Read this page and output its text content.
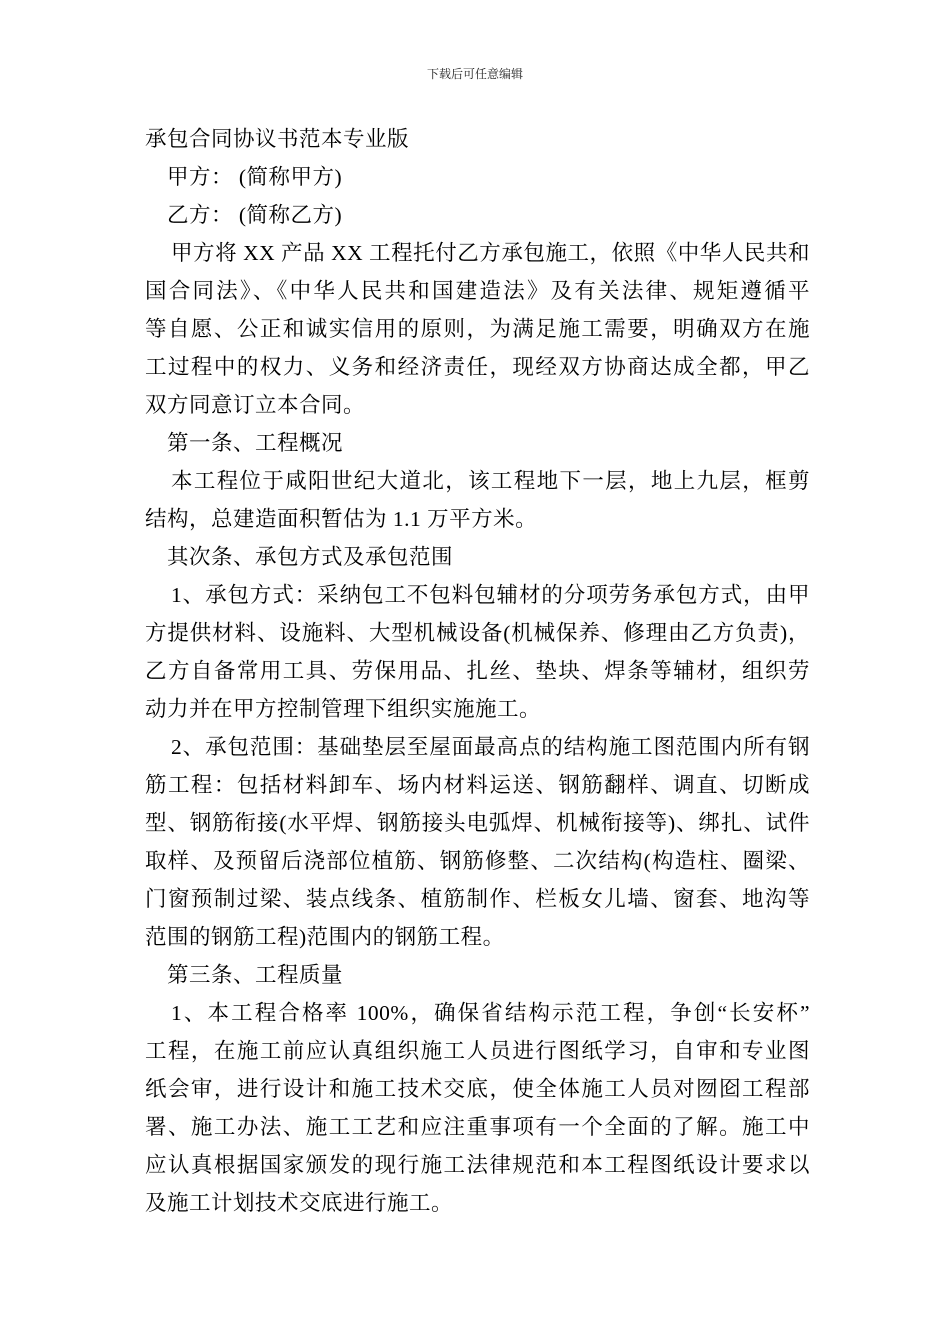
下载后可任意编辑
承包合同协议书范本专业版
甲方： (简称甲方)
乙方： (简称乙方)
甲方将 XX 产品 XX 工程托付乙方承包施工，依照《中华人民共和
国合同法》、《中华人民共和国建造法》及有关法律、规矩遵循平
等自愿、公正和诚实信用的原则，为满足施工需要，明确双方在施
工过程中的权力、义务和经济责任，现经双方协商达成全都，甲乙
双方同意订立本合同。
第一条、工程概况
本工程位于咸阳世纪大道北，该工程地下一层，地上九层，框剪
结构，总建造面积暂估为 1.1 万平方米。
其次条、承包方式及承包范围
1、承包方式：采纳包工不包料包辅材的分项劳务承包方式，由甲
方提供材料、设施料、大型机械设备(机械保养、修理由乙方负责)，
乙方自备常用工具、劳保用品、扎丝、垫块、焊条等辅材，组织劳
动力并在甲方控制管理下组织实施施工。
2、承包范围：基础垫层至屋面最高点的结构施工图范围内所有钢
筋工程：包括材料卸车、场内材料运送、钢筋翻样、调直、切断成
型、钢筋衔接(水平焊、钢筋接头电弧焊、机械衔接等)、绑扎、试件
取样、及预留后浇部位植筋、钢筋修整、二次结构(构造柱、圈梁、
门窗预制过梁、装点线条、植筋制作、栏板女儿墙、窗套、地沟等
范围的钢筋工程)范围内的钢筋工程。
第三条、工程质量
1、本工程合格率 100%，确保省结构示范工程，争创“长安杯”
工程，在施工前应认真组织施工人员进行图纸学习，自审和专业图
纸会审，进行设计和施工技术交底，使全体施工人员对囫囵工程部
署、施工办法、施工工艺和应注重事项有一个全面的了解。施工中
应认真根据国家颁发的现行施工法律规范和本工程图纸设计要求以
及施工计划技术交底进行施工。
